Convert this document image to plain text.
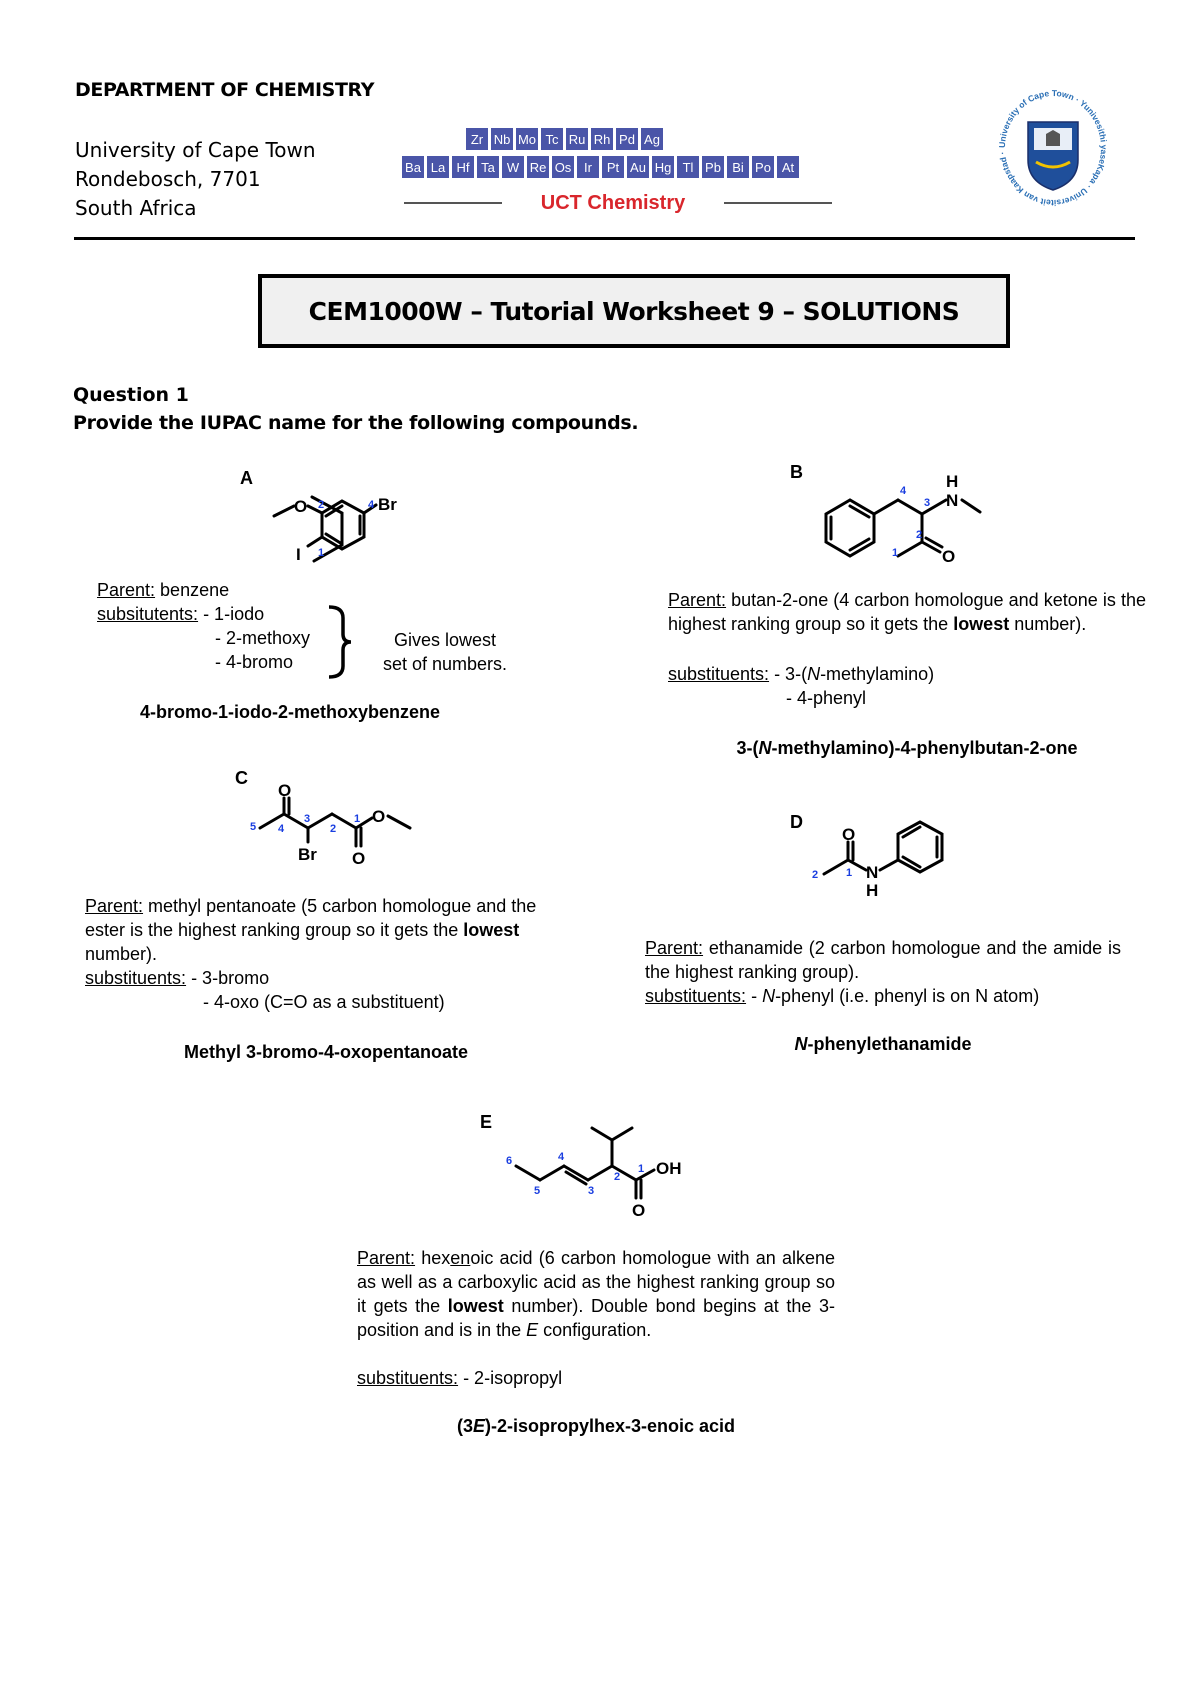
DEPARTMENT OF CHEMISTRY
University of Cape Town
Rondebosch, 7701
South Africa
Zr Nb Mo Tc Ru Rh Pd Ag
Ba La Hf Ta W Re Os Ir Pt Au Hg Tl Pb Bi Po At
UCT Chemistry
University of Cape Town · Yunivesithi yaseKapa · Universiteit van Kaapstad ·
CEM1000W – Tutorial Worksheet 9 – SOLUTIONS
Question 1
Provide the IUPAC name for the following compounds.
A
O	Br
I 1
2	4
Parent: benzene
subsitutents: - 1-iodo
- 2-methoxy
- 4-bromo
Gives lowest
set of numbers.
4-bromo-1-iodo-2-methoxybenzene
B	H
N
O
1
2
3
4
Parent: butan-2-one (4 carbon homologue and ketone is the highest ranking group so it gets the lowest number).
substituents: - 3-(N-methylamino)
- 4-phenyl
3-(N-methylamino)-4-phenylbutan-2-one
C
O
O
O
Br
5 4
3
2
1
Parent: methyl pentanoate (5 carbon homologue and the ester is the highest ranking group so it gets the lowest number).
substituents: - 3-bromo
- 4-oxo (C=O as a substituent)
Methyl 3-bromo-4-oxopentanoate
D
O
N
H
2	1
Parent: ethanamide (2 carbon homologue and the amide is the highest ranking group).
substituents: - N-phenyl (i.e. phenyl is on N atom)
N-phenylethanamide
E
OH
O
6
5
4
3
2
1
Parent: hexenoic acid (6 carbon homologue with an alkene as well as a carboxylic acid as the highest ranking group so it gets the lowest number). Double bond begins at the 3-position and is in the E configuration.
substituents: - 2-isopropyl
(3E)-2-isopropylhex-3-enoic acid
